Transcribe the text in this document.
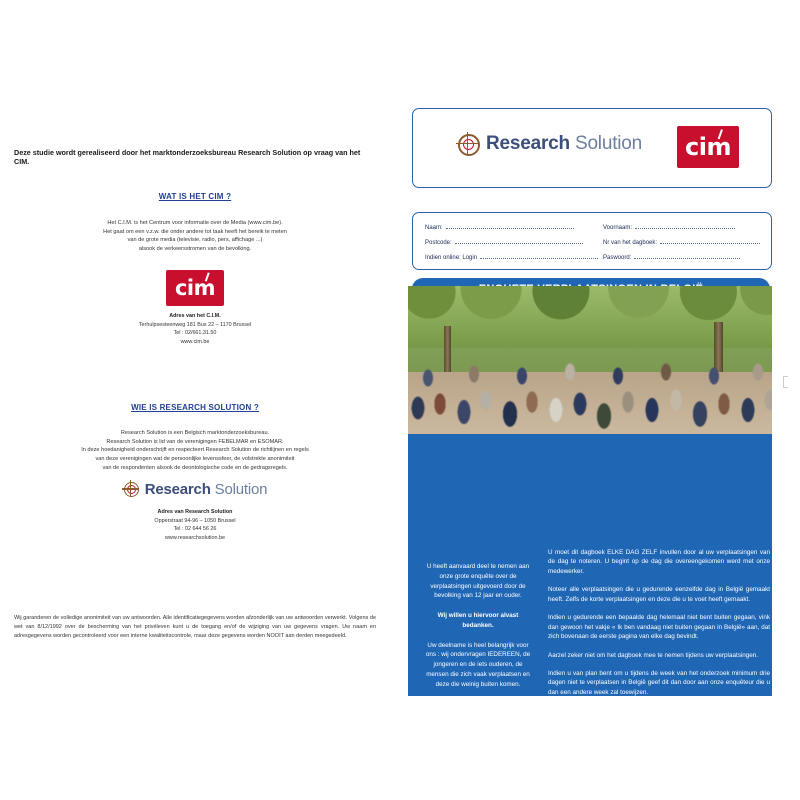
Deze studie wordt gerealiseerd door het marktonderzoeksbureau Research Solution op vraag van het CIM.
WAT IS HET CIM ?
Het C.I.M. is het Centrum voor informatie over de Media (www.cim.be).
Het gaat om een v.z.w. die onder andere tot taak heeft het bereik te meten
van de grote media (televisie, radio, pers, affichage ...)
alsook de verkeersstromen van de bevolking.
cim
Adres van het C.I.M.
Terhulpsesteenweg 181 Bus 22 – 1170 Brussel
Tel : 02/661.31.50
www.cim.be
WIE IS RESEARCH SOLUTION ?
Research Solution is een Belgisch marktonderzoeksbureau.
Research Solution is lid van de verenigingen FEBELMAR en ESOMAR.
In deze hoedanigheid onderschrijft en respecteert Research Solution de richtlijnen en regels
van deze verenigingen wat de persoonlijke levenssfeer, de volstrekte anonimiteit
van de respondenten alsook de deontologische code en de gedragsregels.
Research Solution
Adres van Research Solution
Opperstraat 94-96 – 1050 Brussel
Tel : 02 644 56 26
www.researchsolution.be
Wij garanderen de volledige anonimiteit van uw antwoorden. Alle identificatiegegevens worden afzonderlijk van uw antwoorden verwerkt. Volgens de wet van 8/12/1992 over de bescherming van het privéleven kunt u de toegang en/of de wijziging van uw gegevens vragen. Uw naam en adresgegevens worden gecontroleerd voor een interne kwaliteitscontrole, maar deze gegevens worden NOOIT aan derden meegedeeld.
Research Solution	cim
Naam:	Voornaam:
Postcode:	Nr van het dagboek:
Indien online: Login	Paswoord:

U heeft aanvaard deel te nemen aan onze grote enquête over de verplaatsingen uitgevoerd door de bevolking van 12 jaar en ouder.

Wij willen u hiervoor alvast bedanken.

Uw deelname is heel belangrijk voor ons : wij ondervragen IEDEREEN, de jongeren en de iets ouderen, de mensen die zich vaak verplaatsen en deze die weinig buiten komen.

U moet dit dagboek ELKE DAG ZELF invullen door al uw verplaatsingen van de dag te noteren. U begint op de dag die overeengekomen werd met onze medewerker.

Noteer alle verplaatsingen die u gedurende eenzelfde dag in België gemaakt heeft. Zelfs de korte verplaatsingen en deze die u te voet heeft gemaakt.

Indien u gedurende een bepaalde dag helemaal niet bent buiten gegaan, vink dan gewoon het vakje « Ik ben vandaag niet buiten gegaan in België» aan, dat zich bovenaan de eerste pagina van elke dag bevindt.

Aarzel zeker niet om het dagboek mee te nemen tijdens uw verplaatsingen.

Indien u van plan bent om u tijdens de week van het onderzoek minimum drie dagen niet te verplaatsen in België geef dit dan door aan onze enquêteur die u dan een andere week zal toewijzen.

Om u te bedanken:

Door aan deze enquête deel te nemen, maakt u kans om een prachtige prijs te winnen. Elke 2 maanden worden er 24 winnaars bij trekking bepaald. Zij krijgen een cadeaubon die varieert tussen 20 € en 250 €.
